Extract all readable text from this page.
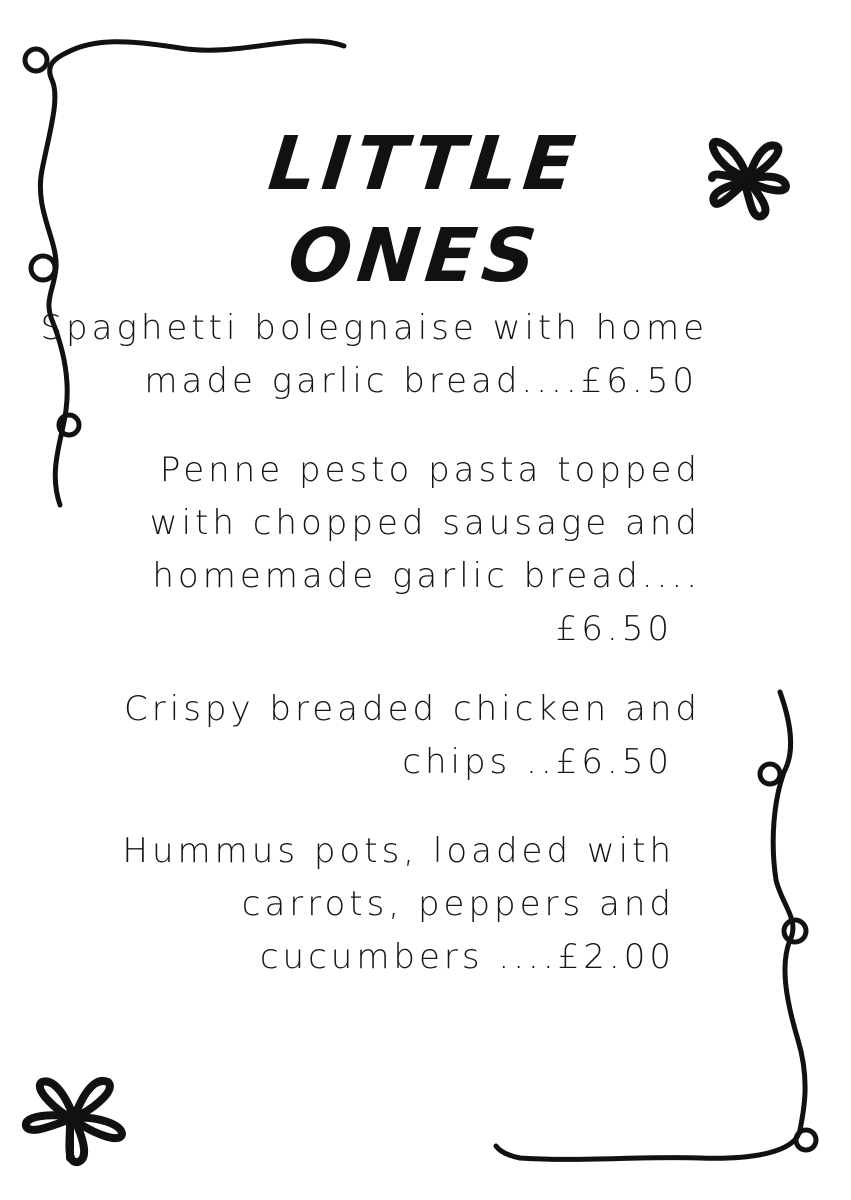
LITTLE
ONES
Spaghetti bolegnaise with home
made garlic bread....£6.50
Penne pesto pasta topped
with chopped sausage and
homemade garlic bread....
£6.50
Crispy breaded chicken and
chips ..£6.50
Hummus pots, loaded with
carrots, peppers and
cucumbers ....£2.00
